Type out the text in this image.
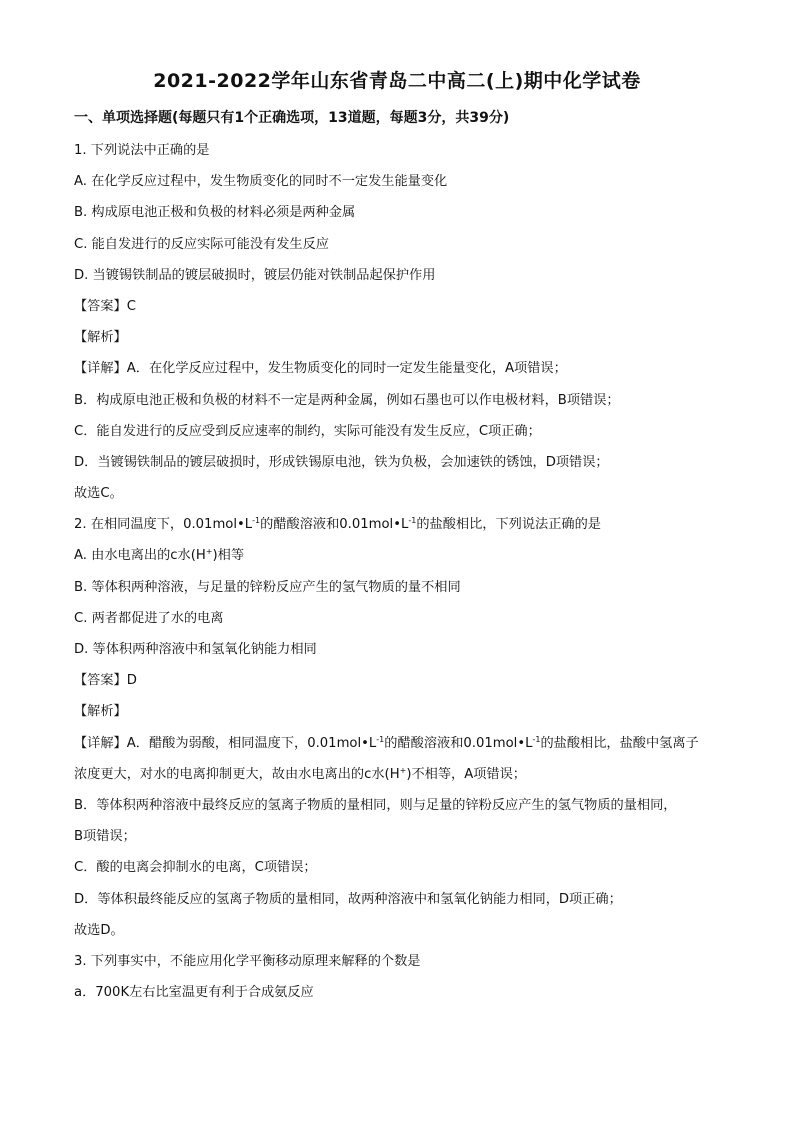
2021-2022学年山东省青岛二中高二(上)期中化学试卷
一、单项选择题(每题只有1个正确选项，13道题，每题3分，共39分)
1. 下列说法中正确的是
A. 在化学反应过程中，发生物质变化的同时不一定发生能量变化
B. 构成原电池正极和负极的材料必须是两种金属
C. 能自发进行的反应实际可能没有发生反应
D. 当镀锡铁制品的镀层破损时，镀层仍能对铁制品起保护作用
【答案】C
【解析】
【详解】A．在化学反应过程中，发生物质变化的同时一定发生能量变化，A项错误；
B．构成原电池正极和负极的材料不一定是两种金属，例如石墨也可以作电极材料，B项错误；
C．能自发进行的反应受到反应速率的制约，实际可能没有发生反应，C项正确；
D．当镀锡铁制品的镀层破损时，形成铁锡原电池，铁为负极，会加速铁的锈蚀，D项错误；
故选C。
2. 在相同温度下，$0.01mol•L^{-1}$的醋酸溶液和$0.01mol•L^{-1}$的盐酸相比，下列说法正确的是
A. 由水电离出的c水(H+)相等
B. 等体积两种溶液，与足量的锌粉反应产生的氢气物质的量不相同
C. 两者都促进了水的电离
D. 等体积两种溶液中和氢氧化钠能力相同
【答案】D
【解析】
【详解】A．醋酸为弱酸，相同温度下，$0.01mol•L^{-1}$的醋酸溶液和$0.01mol•L^{-1}$的盐酸相比，盐酸中氢离子
浓度更大，对水的电离抑制更大，故由水电离出的c水(H+)不相等，A项错误；
B．等体积两种溶液中最终反应的氢离子物质的量相同，则与足量的锌粉反应产生的氢气物质的量相同，
B项错误；
C．酸的电离会抑制水的电离，C项错误；
D．等体积最终能反应的氢离子物质的量相同，故两种溶液中和氢氧化钠能力相同，D项正确；
故选D。
3. 下列事实中，不能应用化学平衡移动原理来解释的个数是
a．700K左右比室温更有利于合成氨反应
